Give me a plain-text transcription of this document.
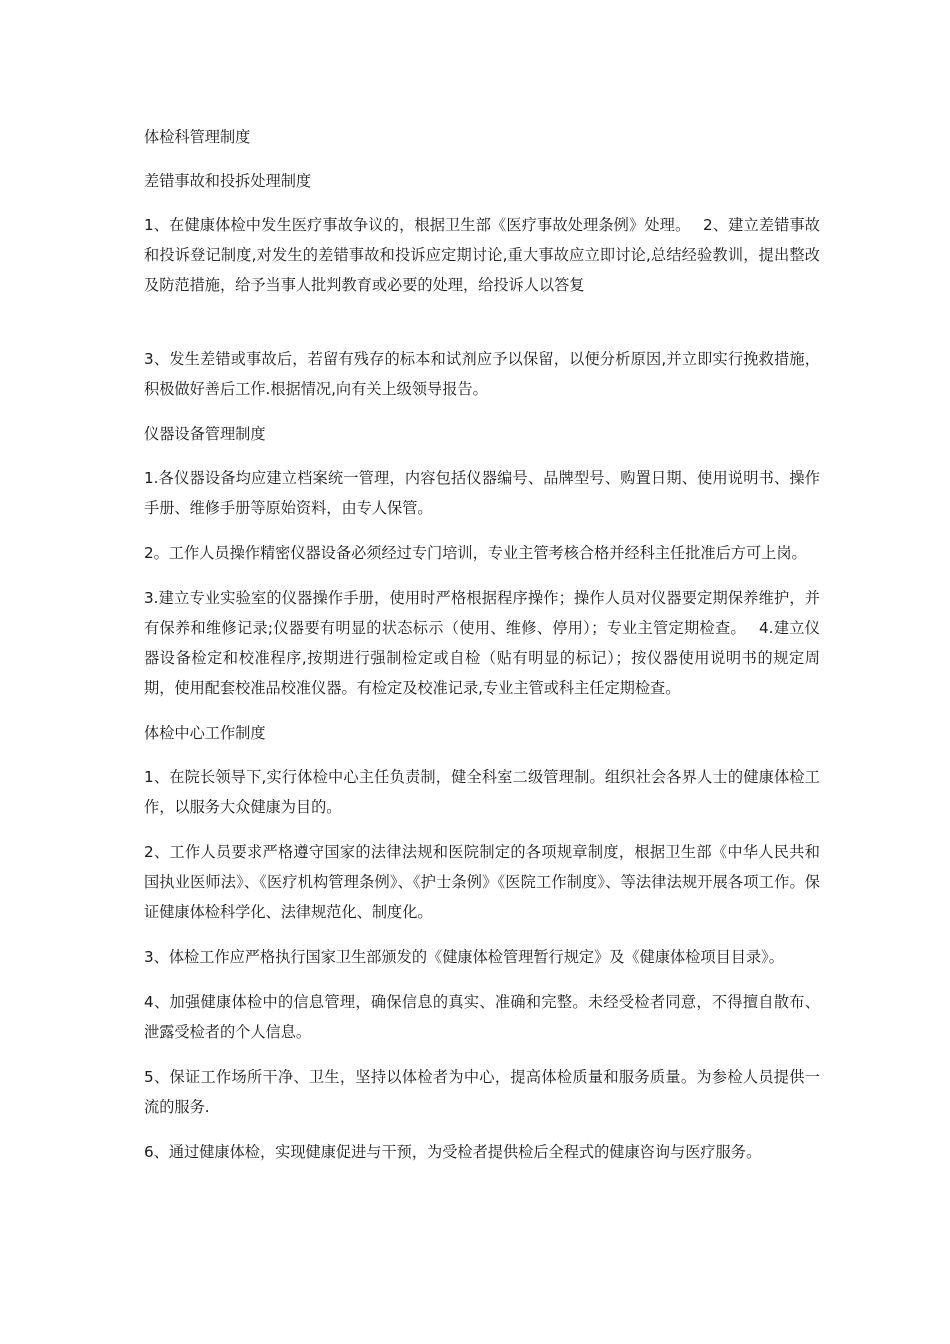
体检科管理制度
差错事故和投拆处理制度
1、在健康体检中发生医疗事故争议的，根据卫生部《医疗事故处理条例》处理。　 2、建立差错事故和投诉登记制度,对发生的差错事故和投诉应定期讨论,重大事故应立即讨论,总结经验教训，提出整改及防范措施，给予当事人批判教育或必要的处理，给投诉人以答复
3、发生差错或事故后，若留有残存的标本和试剂应予以保留，以便分析原因,并立即实行挽救措施，积极做好善后工作.根据情况,向有关上级领导报告。
仪器设备管理制度
1.各仪器设备均应建立档案统一管理，内容包括仪器编号、品牌型号、购置日期、使用说明书、操作手册、维修手册等原始资料，由专人保管。
2。工作人员操作精密仪器设备必须经过专门培训，专业主管考核合格并经科主任批准后方可上岗。
3.建立专业实验室的仪器操作手册，使用时严格根据程序操作；操作人员对仪器要定期保养维护，并有保养和维修记录;仪器要有明显的状态标示（使用、维修、停用）；专业主管定期检查。　 4.建立仪器设备检定和校准程序,按期进行强制检定或自检（贴有明显的标记）；按仪器使用说明书的规定周期，使用配套校准品校准仪器。有检定及校准记录,专业主管或科主任定期检查。
体检中心工作制度
1、在院长领导下,实行体检中心主任负责制，健全科室二级管理制。组织社会各界人士的健康体检工作，以服务大众健康为目的。
2、工作人员要求严格遵守国家的法律法规和医院制定的各项规章制度，根据卫生部《中华人民共和国执业医师法》、《医疗机构管理条例》、《护士条例》《医院工作制度》、等法律法规开展各项工作。保证健康体检科学化、法律规范化、制度化。
3、体检工作应严格执行国家卫生部颁发的《健康体检管理暂行规定》及《健康体检项目目录》。
4、加强健康体检中的信息管理，确保信息的真实、准确和完整。未经受检者同意，不得擅自散布、泄露受检者的个人信息。
5、保证工作场所干净、卫生，坚持以体检者为中心，提高体检质量和服务质量。为参检人员提供一流的服务.
6、通过健康体检，实现健康促进与干预，为受检者提供检后全程式的健康咨询与医疗服务。
